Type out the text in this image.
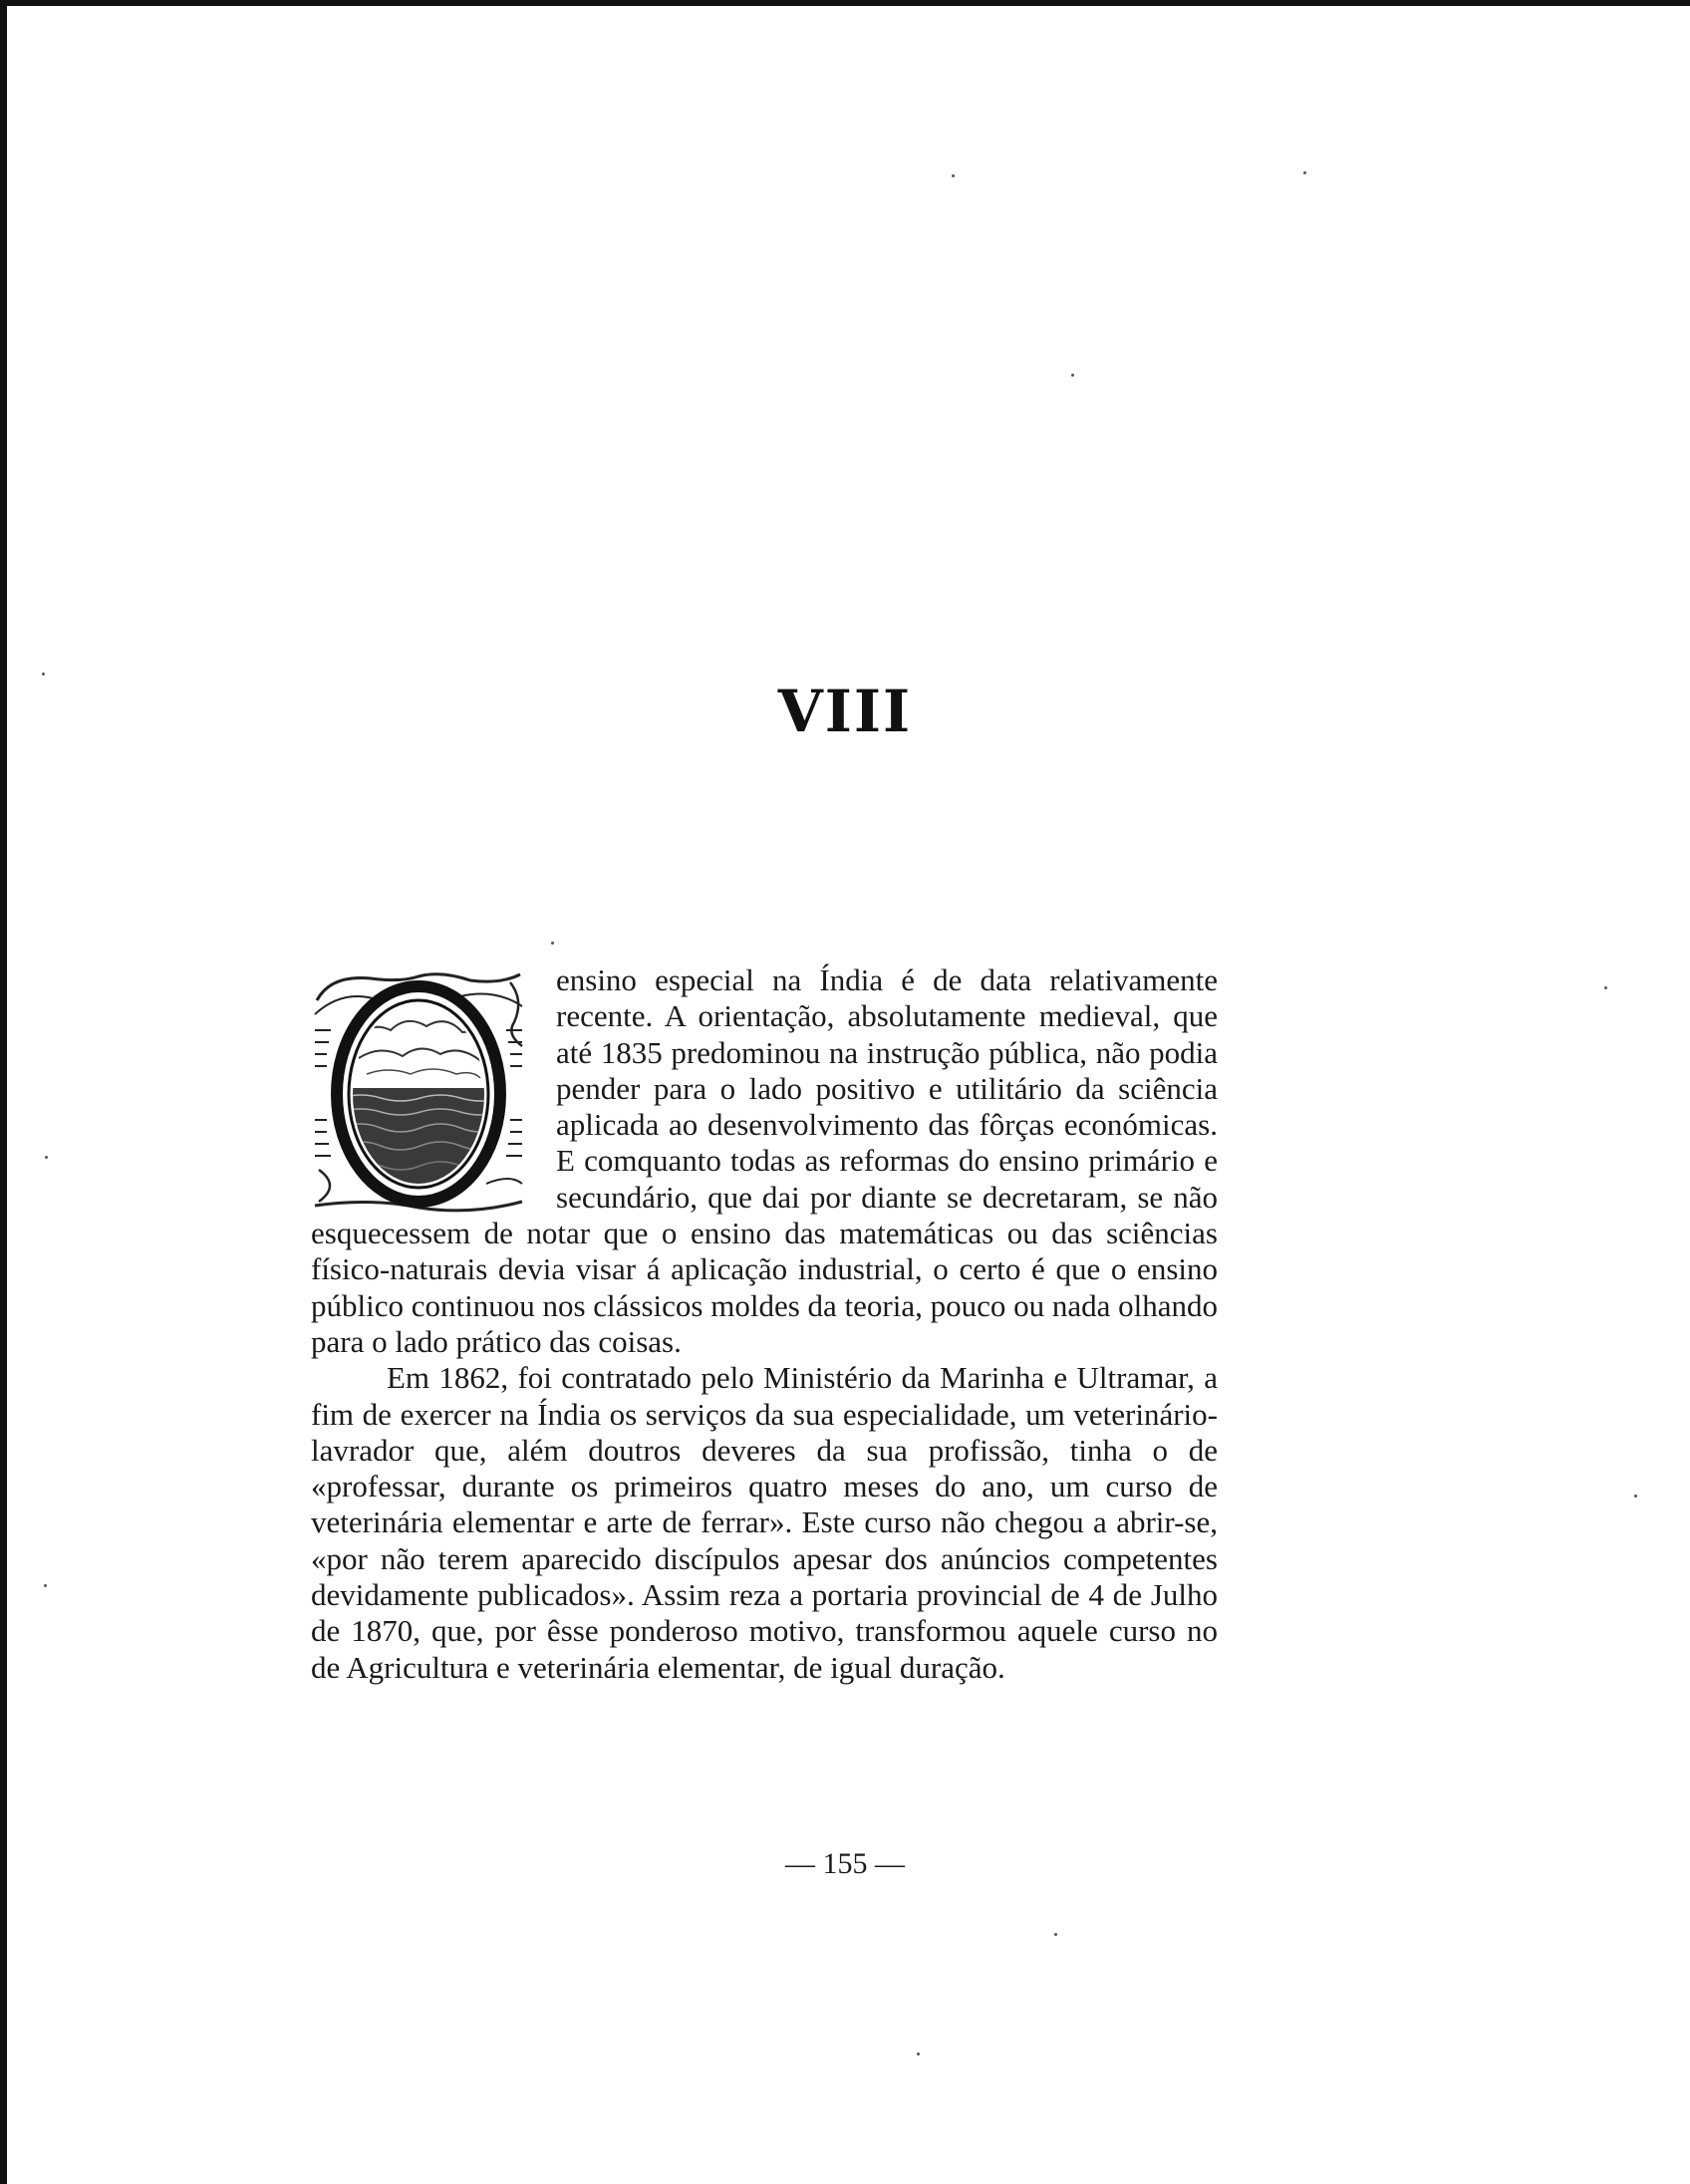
VIII

ensino especial na Índia é de data relativamente recente. A orientação, absolutamente medieval, que até 1835 predominou na instrução pública, não podia pender para o lado positivo e utilitário da sciência aplicada ao desenvolvimento das fôrças económicas. E comquanto todas as reformas do ensino primário e secundário, que dai por diante se decretaram, se não esquecessem de notar que o ensino das matemáticas ou das sciências físico-naturais devia visar á aplicação industrial, o certo é que o ensino público continuou nos clássicos moldes da teoria, pouco ou nada olhando para o lado prático das coisas.

Em 1862, foi contratado pelo Ministério da Marinha e Ultramar, a fim de exercer na Índia os serviços da sua especialidade, um veterinário-lavrador que, além doutros deveres da sua profissão, tinha o de «professar, durante os primeiros quatro meses do ano, um curso de veterinária elementar e arte de ferrar». Este curso não chegou a abrir-se, «por não terem aparecido discípulos apesar dos anúncios competentes devidamente publicados». Assim reza a portaria provincial de 4 de Julho de 1870, que, por êsse ponderoso motivo, transformou aquele curso no de Agricultura e veterinária elementar, de igual duração.

— 155 —
